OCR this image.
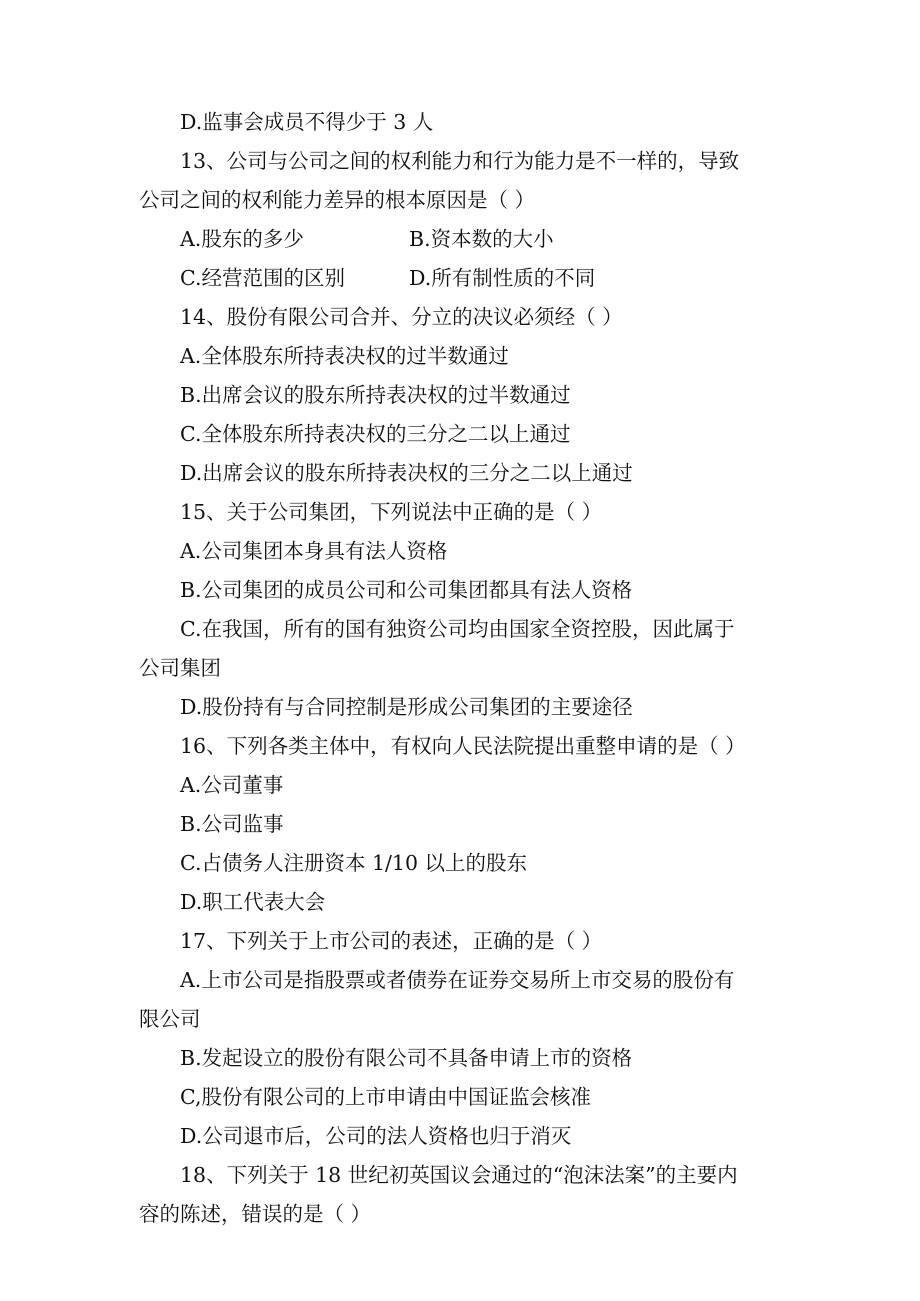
D.监事会成员不得少于 3 人
13、公司与公司之间的权利能力和行为能力是不一样的，导致
公司之间的权利能力差异的根本原因是（ ）
A.股东的多少	B.资本数的大小
C.经营范围的区别	D.所有制性质的不同
14、股份有限公司合并、分立的决议必须经（ ）
A.全体股东所持表决权的过半数通过
B.出席会议的股东所持表决权的过半数通过
C.全体股东所持表决权的三分之二以上通过
D.出席会议的股东所持表决权的三分之二以上通过
15、关于公司集团，下列说法中正确的是（ ）
A.公司集团本身具有法人资格
B.公司集团的成员公司和公司集团都具有法人资格
C.在我国，所有的国有独资公司均由国家全资控股，因此属于
公司集团
D.股份持有与合同控制是形成公司集团的主要途径
16、下列各类主体中，有权向人民法院提出重整申请的是（ ）
A.公司董事
B.公司监事
C.占债务人注册资本 1/10 以上的股东
D.职工代表大会
17、下列关于上市公司的表述，正确的是（ ）
A.上市公司是指股票或者债券在证券交易所上市交易的股份有
限公司
B.发起设立的股份有限公司不具备申请上市的资格
C,股份有限公司的上市申请由中国证监会核准
D.公司退市后，公司的法人资格也归于消灭
18、下列关于 18 世纪初英国议会通过的“泡沫法案”的主要内
容的陈述，错误的是（ ）
